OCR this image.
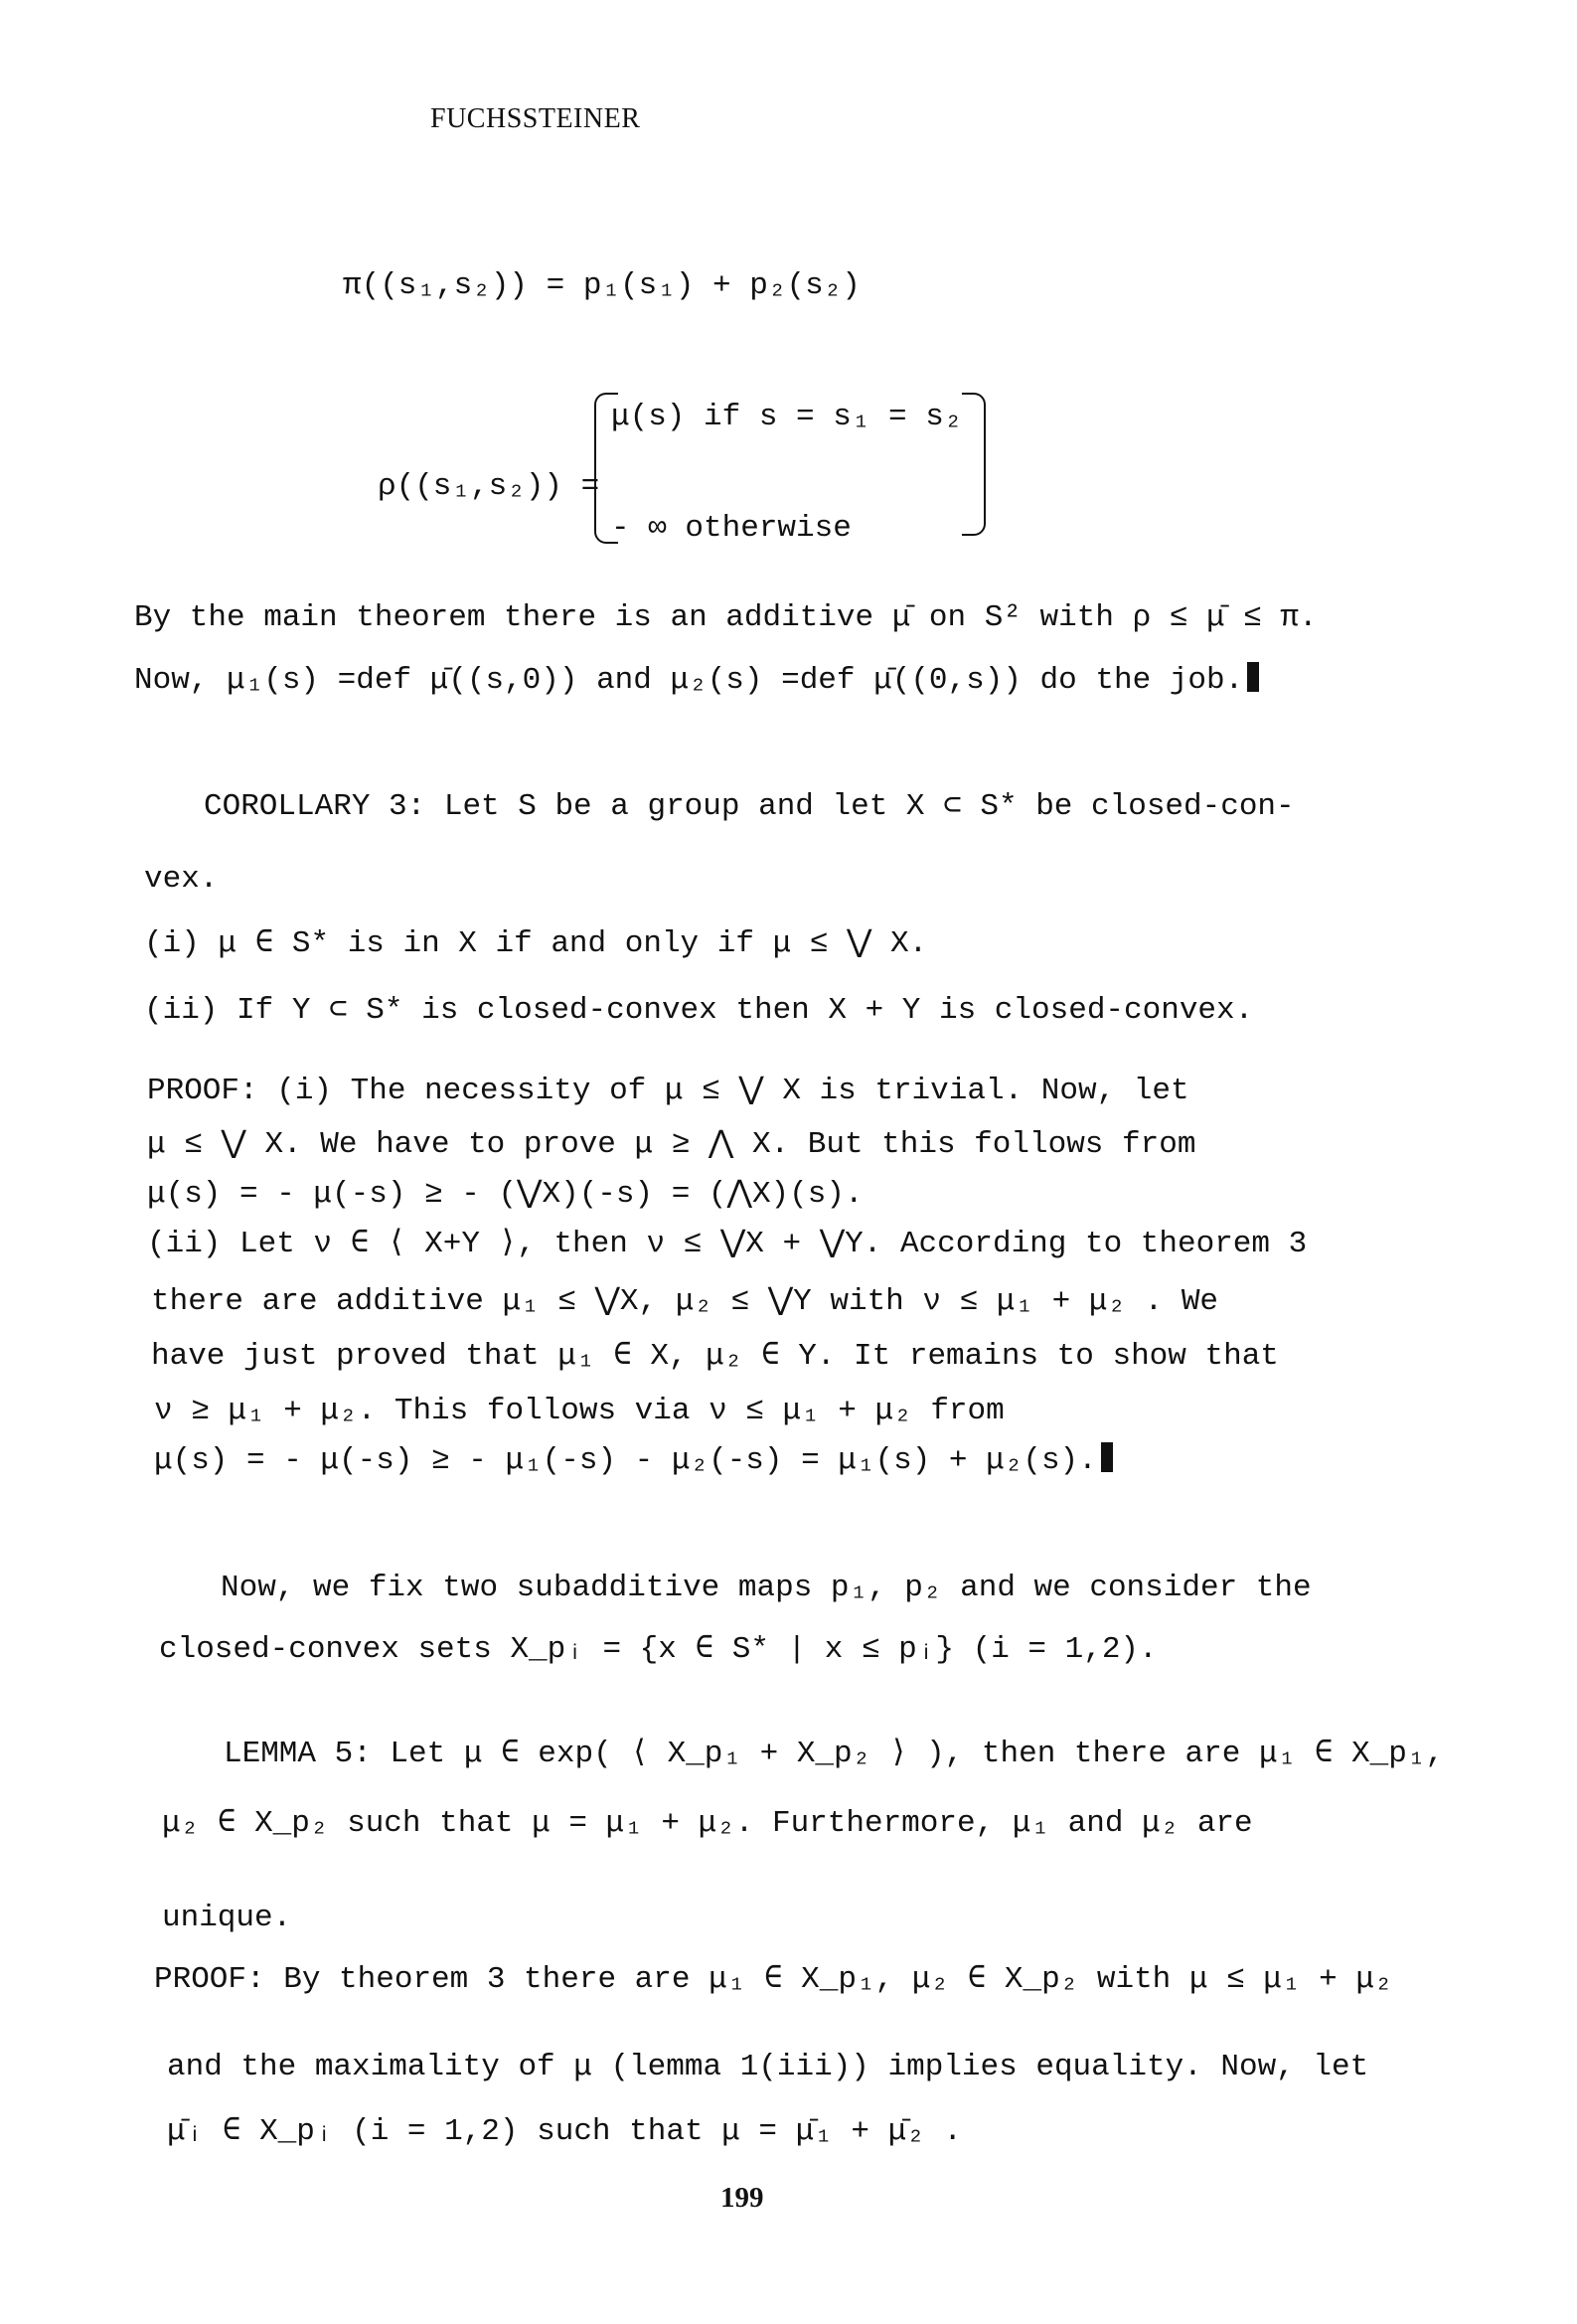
FUCHSSTEINER
π((s₁,s₂)) = p₁(s₁) + p₂(s₂)
ρ((s₁,s₂)) =
μ(s) if s = s₁ = s₂
- ∞ otherwise
By the main theorem there is an additive μ̄ on S² with ρ ≤ μ̄ ≤ π.
Now, μ₁(s) =def μ̄((s,0)) and μ₂(s) =def μ̄((0,s)) do the job.
COROLLARY 3: Let S be a group and let X ⊂ S* be closed-con-
vex.
(i) μ ∈ S* is in X if and only if μ ≤ ⋁ X.
(ii) If Y ⊂ S* is closed-convex then X + Y is closed-convex.
PROOF: (i) The necessity of μ ≤ ⋁ X is trivial. Now, let
μ ≤ ⋁ X. We have to prove μ ≥ ⋀ X. But this follows from
μ(s) = - μ(-s) ≥ - (⋁X)(-s) = (⋀X)(s).
(ii) Let ν ∈ ⟨ X+Y ⟩, then ν ≤ ⋁X + ⋁Y. According to theorem 3
there are additive μ₁ ≤ ⋁X, μ₂ ≤ ⋁Y with ν ≤ μ₁ + μ₂ . We
have just proved that μ₁ ∈ X, μ₂ ∈ Y. It remains to show that
ν ≥ μ₁ + μ₂. This follows via ν ≤ μ₁ + μ₂ from
μ(s) = - μ(-s) ≥ - μ₁(-s) - μ₂(-s) = μ₁(s) + μ₂(s).
Now, we fix two subadditive maps p₁, p₂ and we consider the
closed-convex sets X_pᵢ = {x ∈ S* | x ≤ pᵢ} (i = 1,2).
LEMMA 5: Let μ ∈ exp( ⟨ X_p₁ + X_p₂ ⟩ ), then there are μ₁ ∈ X_p₁,
μ₂ ∈ X_p₂ such that μ = μ₁ + μ₂. Furthermore, μ₁ and μ₂ are
unique.
PROOF: By theorem 3 there are μ₁ ∈ X_p₁, μ₂ ∈ X_p₂ with μ ≤ μ₁ + μ₂
and the maximality of μ (lemma 1(iii)) implies equality. Now, let
μ̄ᵢ ∈ X_pᵢ (i = 1,2) such that μ = μ̄₁ + μ̄₂ .
199
